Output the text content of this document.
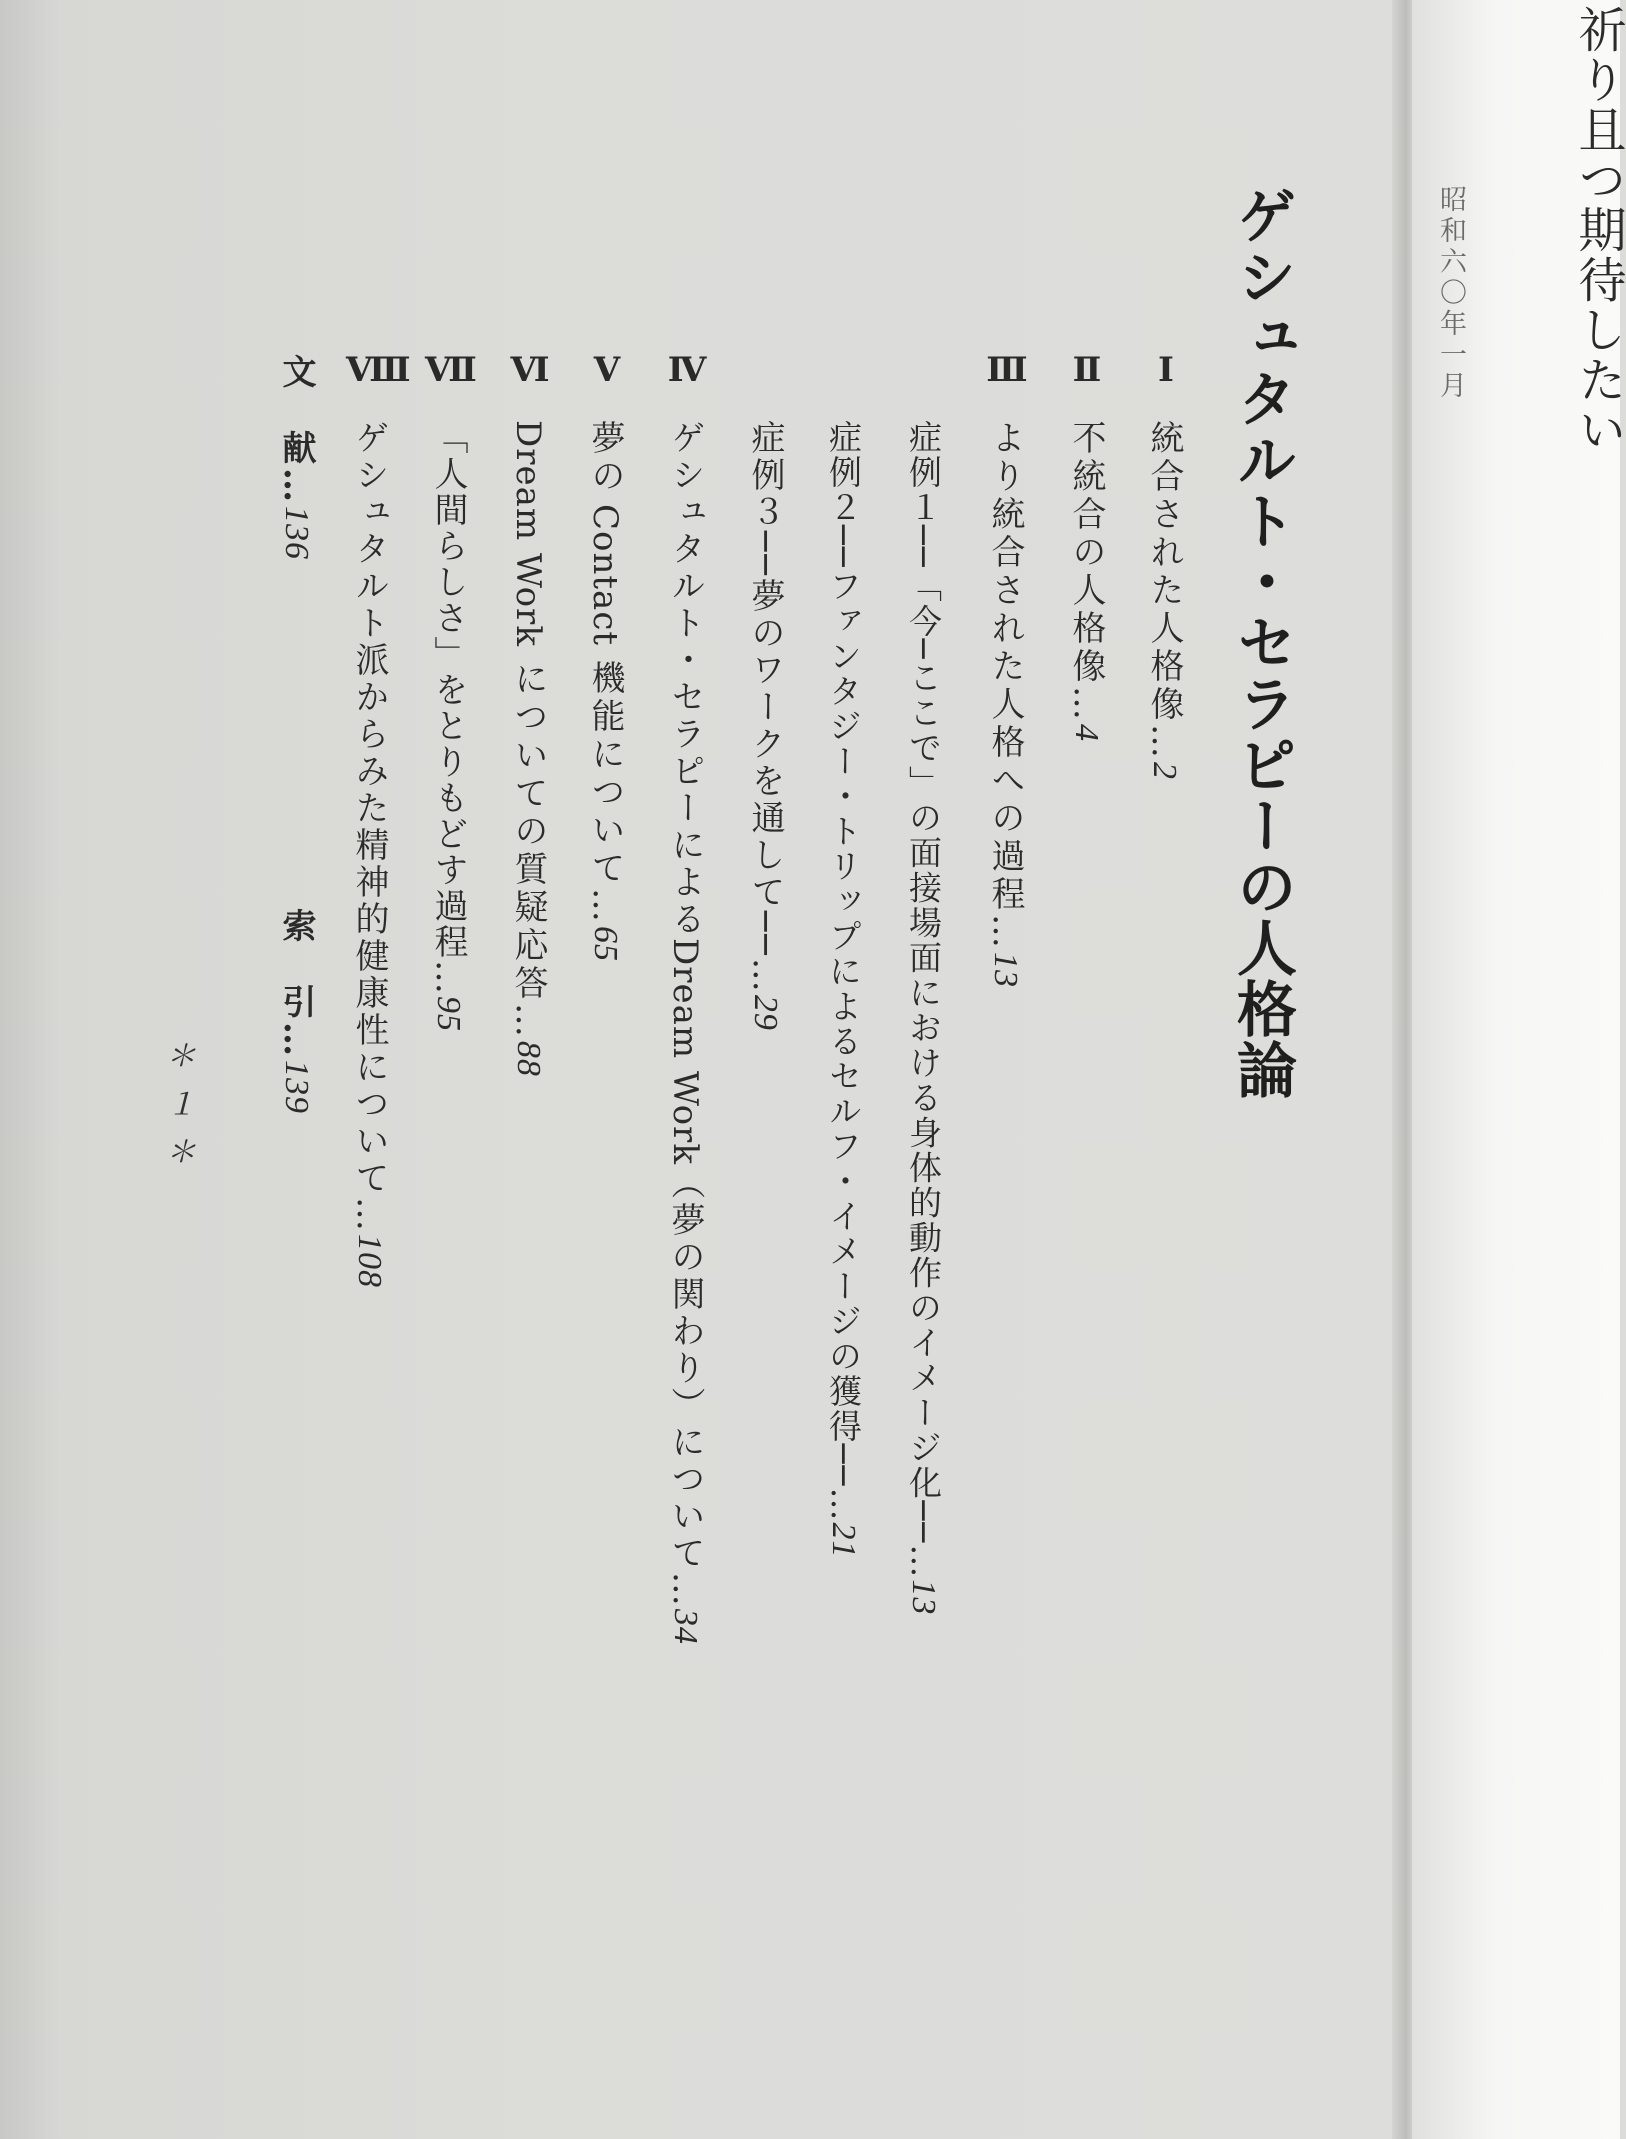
ゲシュタルト・セラピーの人格論
Ⅰ
統合された人格像…2
Ⅱ
不統合の人格像…4
Ⅲ
より統合された人格への過程…13
症例１──「今─ここで」の面接場面における身体的動作のイメージ化──…13
症例２──ファンタジー・トリップによるセルフ・イメージの獲得──…21
症例３──夢のワークを通して──…29
Ⅳ
ゲシュタルト・セラピーによるDream Work（夢の関わり）について…34
Ⅴ
夢のContact機能について…65
Ⅵ
Dream Workについての質疑応答…88
Ⅶ
「人間らしさ」をとりもどす過程…95
Ⅷ
ゲシュタルト派からみた精神的健康性について…108
文　献…136
索　引…139
＊１＊
昭和六〇年一月 祈り且つ期待したい
